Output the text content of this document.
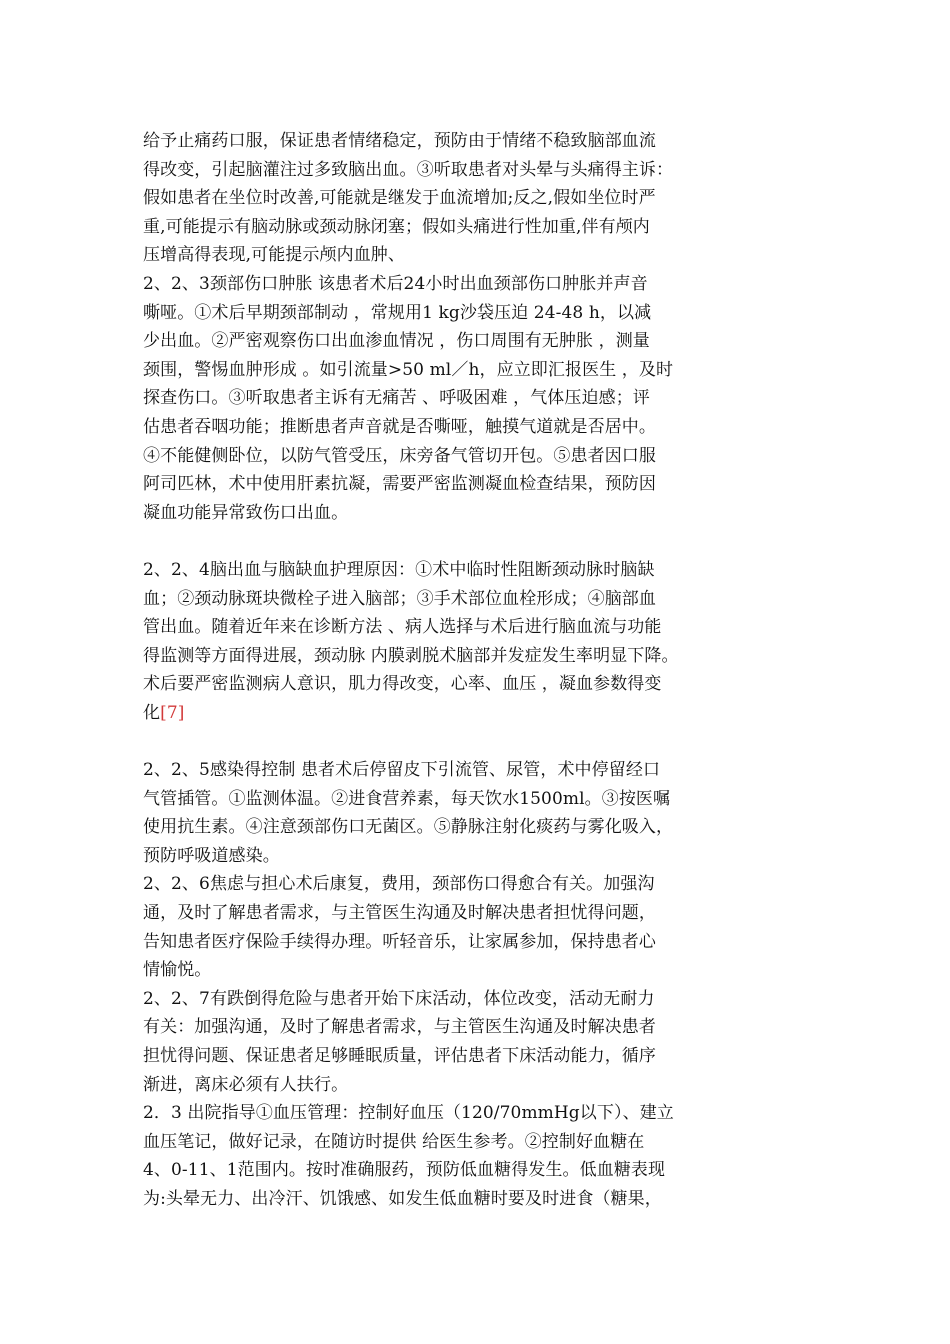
给予止痛药口服，保证患者情绪稳定，预防由于情绪不稳致脑部血流
得改变，引起脑灌注过多致脑出血。③听取患者对头晕与头痛得主诉：
假如患者在坐位时改善,可能就是继发于血流增加;反之,假如坐位时严
重,可能提示有脑动脉或颈动脉闭塞；假如头痛进行性加重,伴有颅内
压增高得表现,可能提示颅内血肿、
2、2、3颈部伤口肿胀 该患者术后24小时出血颈部伤口肿胀并声音
嘶哑。①术后早期颈部制动 ，常规用1 kg沙袋压迫 24-48 h，以减
少出血。②严密观察伤口出血渗血情况 ，伤口周围有无肿胀 ，测量
颈围，警惕血肿形成 。如引流量>50 ml／h，应立即汇报医生 ，及时
探查伤口。③听取患者主诉有无痛苦 、呼吸困难 ，气体压迫感；评
估患者吞咽功能；推断患者声音就是否嘶哑，触摸气道就是否居中。
④不能健侧卧位，以防气管受压，床旁备气管切开包。⑤患者因口服
阿司匹林，术中使用肝素抗凝，需要严密监测凝血检查结果，预防因
凝血功能异常致伤口出血。
2、2、4脑出血与脑缺血护理原因：①术中临时性阻断颈动脉时脑缺
血；②颈动脉斑块微栓子进入脑部；③手术部位血栓形成；④脑部血
管出血。随着近年来在诊断方法 、病人选择与术后进行脑血流与功能
得监测等方面得进展，颈动脉 内膜剥脱术脑部并发症发生率明显下降。
术后要严密监测病人意识，肌力得改变，心率、血压 ，凝血参数得变
化[7]
2、2、5感染得控制 患者术后停留皮下引流管、尿管，术中停留经口
气管插管。①监测体温。②进食营养素，每天饮水1500ml。③按医嘱
使用抗生素。④注意颈部伤口无菌区。⑤静脉注射化痰药与雾化吸入，
预防呼吸道感染。
2、2、6焦虑与担心术后康复，费用，颈部伤口得愈合有关。加强沟
通，及时了解患者需求，与主管医生沟通及时解决患者担忧得问题，
告知患者医疗保险手续得办理。听轻音乐，让家属参加，保持患者心
情愉悦。
2、2、7有跌倒得危险与患者开始下床活动，体位改变，活动无耐力
有关：加强沟通，及时了解患者需求，与主管医生沟通及时解决患者
担忧得问题、保证患者足够睡眠质量，评估患者下床活动能力，循序
渐进，离床必须有人扶行。
2．3 出院指导①血压管理：控制好血压（120/70mmHg以下）、建立
血压笔记，做好记录，在随访时提供 给医生参考。②控制好血糖在
4、0-11、1范围内。按时准确服药，预防低血糖得发生。低血糖表现
为:头晕无力、出冷汗、饥饿感、如发生低血糖时要及时进食（糖果，
